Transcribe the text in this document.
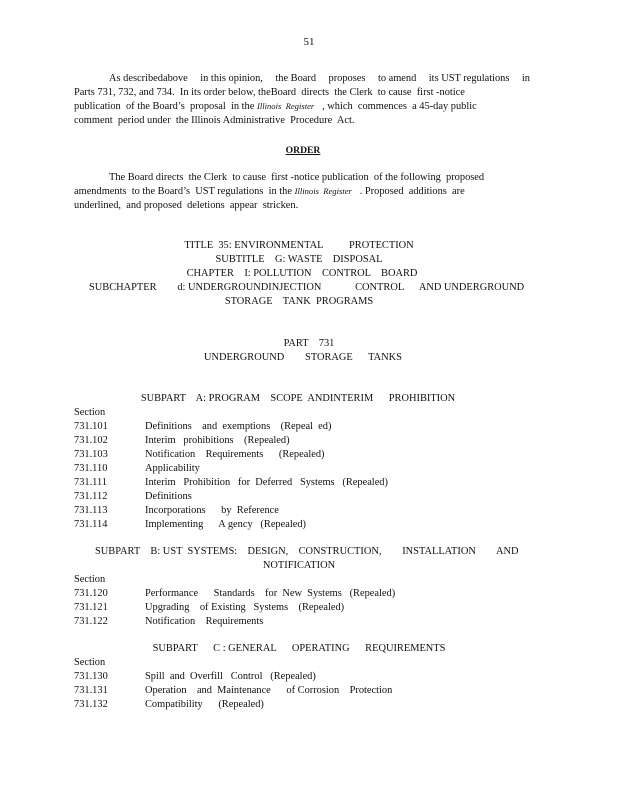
51
As describedabove in this opinion, the Board proposes to amend its UST regulations in
Parts 731, 732, and 734.  In its order below, theBoard  directs  the Clerk  to cause  first -notice
publication  of the Board’s  proposal  in the Illinois  Register , which  commences  a 45-day public
comment  period under  the Illinois Administrative  Procedure  Act.
ORDER
The Board directs  the Clerk  to cause  first -notice publication  of the following  proposed
amendments  to the Board’s  UST regulations  in the Illinois  Register . Proposed  additions  are
underlined,  and proposed  deletions  appear  stricken.
TITLE  35: ENVIRONMENTAL          PROTECTION
SUBTITLE    G: WASTE    DISPOSAL
CHAPTER    I: POLLUTION    CONTROL    BOARD
SUBCHAPTER        d: UNDERGROUNDINJECTION             CONTROL      AND UNDERGROUND
STORAGE    TANK  PROGRAMS
PART    731
UNDERGROUND        STORAGE      TANKS
SUBPART    A: PROGRAM    SCOPE  ANDINTERIM      PROHIBITION
Section
731.101	Definitions    and  exemptions    (Repeal  ed)
731.102	Interim   prohibitions    (Repealed)
731.103	Notification    Requirements      (Repealed)
731.110	Applicability
731.111	Interim   Prohibition   for  Deferred   Systems   (Repealed)
731.112	Definitions
731.113	Incorporations      by  Reference
731.114	Implementing      A gency   (Repealed)
SUBPART    B: UST  SYSTEMS:    DESIGN,    CONSTRUCTION,        INSTALLATION        AND
NOTIFICATION
Section
731.120	Performance      Standards    for  New  Systems   (Repealed)
731.121	Upgrading    of Existing   Systems    (Repealed)
731.122	Notification    Requirements
SUBPART      C : GENERAL      OPERATING      REQUIREMENTS
Section
731.130	Spill  and  Overfill   Control   (Repealed)
731.131	Operation    and  Maintenance      of Corrosion    Protection
731.132	Compatibility      (Repealed)
